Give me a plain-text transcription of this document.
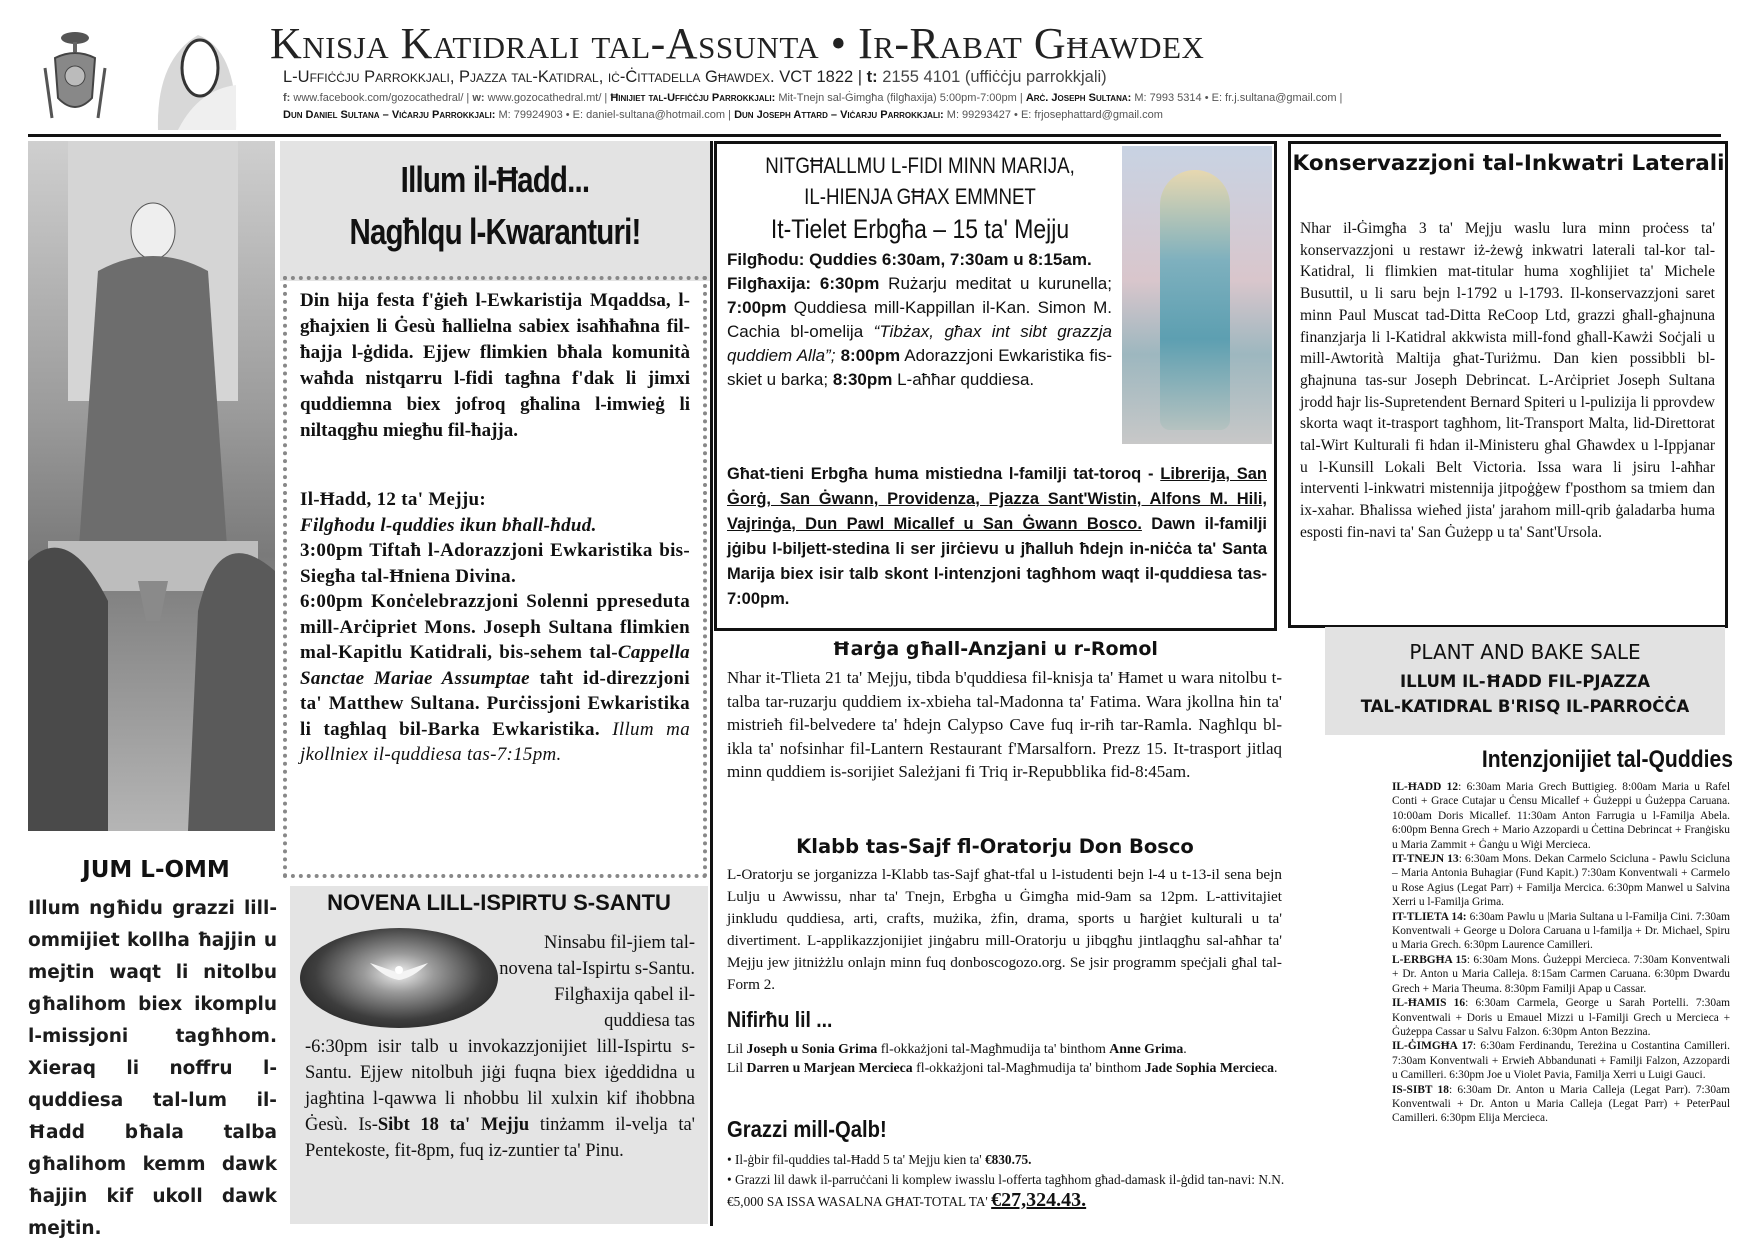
Knisja Katidrali tal-Assunta • Ir-Rabat Għawdex
L-Uffiċċju Parrokkjali, Pjazza tal-Katidral, iċ-Ċittadella Għawdex. VCT 1822 | t: 2155 4101 (uffiċċju parrokkjali)
f: www.facebook.com/gozocathedral/ | w: www.gozocathedral.mt/ | Ħinijiet tal-Uffiċċju Parrokkjali: Mit-Tnejn sal-Ġimgħa (filgħaxija) 5:00pm-7:00pm | Arċ. Joseph Sultana: M: 7993 5314 • E: fr.j.sultana@gmail.com |
Dun Daniel Sultana – Viċarju Parrokkjali: M: 79924903 • E: daniel-sultana@hotmail.com | Dun Joseph Attard – Viċarju Parrokkjali: M: 99293427 • E: frjosephattard@gmail.com
JUM L-OMM
Illum ngħidu grazzi lill-ommijiet kollha ħajjin u mejtin waqt li nitolbu għalihom biex ikomplu l-missjoni tagħhom. Xieraq li noffru l-quddiesa tal-lum il-Ħadd bħala talba għalihom kemm dawk ħajjin kif ukoll dawk mejtin.
Illum il-Ħadd...
Nagħlqu l-Kwaranturi!
Din hija festa f'ġieħ l-Ewkaristija Mqaddsa, l-għajxien li Ġesù ħallielna sabiex isaħħaħna fil-ħajja l-ġdida. Ejjew flimkien bħala komunità waħda nistqarru l-fidi tagħna f'dak li jimxi quddiemna biex jofroq għalina l-imwieġ li niltaqgħu miegħu fil-ħajja.
Il-Ħadd, 12 ta' Mejju:
Filgħodu l-quddies ikun bħall-ħdud.
3:00pm Tiftaħ l-Adorazzjoni Ewkaristika bis-Siegħa tal-Ħniena Divina.
6:00pm Konċelebrazzjoni Solenni ppreseduta mill-Arċipriet Mons. Joseph Sultana flimkien mal-Kapitlu Katidrali, bis-sehem tal-Cappella Sanctae Mariae Assumptae taħt id-direzzjoni ta' Matthew Sultana. Purċissjoni Ewkaristika li tagħlaq bil-Barka Ewkaristika. Illum ma jkollniex il-quddiesa tas-7:15pm.
NOVENA LILL-ISPIRTU S-SANTU
Ninsabu fil-jiem tal-novena tal-Ispirtu s-Santu. Filgħaxija qabel il-quddiesa tas
-6:30pm isir talb u invokazzjonijiet lill-Ispirtu s-Santu. Ejjew nitolbuh jiġi fuqna biex iġeddidna u jagħtina l-qawwa li nħobbu lil xulxin kif iħobbna Ġesù. Is-Sibt 18 ta' Mejju tinżamm il-velja ta' Pentekoste, fit-8pm, fuq iz-zuntier ta' Pinu.
NITGĦALLMU L-FIDI MINN MARIJA,
IL-HIENJA GĦAX EMMNET
It-Tielet Erbgħa – 15 ta' Mejju
Filgħodu: Quddies 6:30am, 7:30am u 8:15am.
Filgħaxija: 6:30pm Rużarju meditat u kurunella; 7:00pm Quddiesa mill-Kappillan il-Kan. Simon M. Cachia bl-omelija “Tibżax, għax int sibt grazzja quddiem Alla”; 8:00pm Adorazzjoni Ewkaristika fis-skiet u barka; 8:30pm L-aħħar quddiesa.
Għat-tieni Erbgħa huma mistiedna l-familji tat-toroq - Librerija, San Ġorġ, San Ġwann, Providenza, Pjazza Sant'Wistin, Alfons M. Hili, Vajrinġa, Dun Pawl Micallef u San Ġwann Bosco. Dawn il-familji jġibu l-biljett-stedina li ser jirċievu u jħalluh ħdejn in-niċċa ta' Santa Marija biex isir talb skont l-intenzjoni tagħhom waqt il-quddiesa tas-7:00pm.
Konservazzjoni tal-Inkwatri Laterali
Nhar il-Ġimgħa 3 ta' Mejju waslu lura minn proċess ta' konservazzjoni u restawr iż-żewġ inkwatri laterali tal-kor tal-Katidral, li flimkien mat-titular huma xogħlijiet ta' Michele Busuttil, u li saru bejn l-1792 u l-1793. Il-konservazzjoni saret minn Paul Muscat tad-Ditta ReCoop Ltd, grazzi għall-għajnuna finanzjarja li l-Katidral akkwista mill-fond għall-Kawżi Soċjali u mill-Awtorità Maltija għat-Turiżmu. Dan kien possibbli bl-għajnuna tas-sur Joseph Debrincat. L-Arċipriet Joseph Sultana jrodd ħajr lis-Supretendent Bernard Spiteri u l-pulizija li pprovdew skorta waqt it-trasport tagħhom, lit-Transport Malta, lid-Direttorat tal-Wirt Kulturali fi ħdan il-Ministeru għal Għawdex u l-Ippjanar u l-Kunsill Lokali Belt Victoria. Issa wara li jsiru l-aħħar interventi l-inkwatri mistennija jitpoġġew f'posthom sa tmiem dan ix-xahar. Bħalissa wieħed jista' jarahom mill-qrib ġaladarba huma esposti fin-navi ta' San Ġużepp u ta' Sant'Ursola.
PLANT AND BAKE SALE
ILLUM IL-ĦADD FIL-PJAZZA
TAL-KATIDRAL B'RISQ IL-PARROĊĊA
Intenzjonijiet tal-Quddies
IL-ĦADD 12: 6:30am Maria Grech Buttigieg. 8:00am Maria u Rafel Conti + Grace Cutajar u Ċensu Micallef + Ġużeppi u Ġużeppa Caruana. 10:00am Doris Micallef. 11:30am Anton Farrugia u l-Familja Abela. 6:00pm Benna Grech + Mario Azzopardi u Ċettina Debrincat + Franġisku u Maria Zammit + Ġanġu u Wiġi Mercieca.
IT-TNEJN 13: 6:30am Mons. Dekan Carmelo Scicluna - Pawlu Scicluna – Maria Antonia Buhagiar (Fund Kapit.) 7:30am Konventwali + Carmelo u Rose Agius (Legat Parr) + Familja Mercica. 6:30pm Manwel u Salvina Xerri u l-Familja Grima.
IT-TLIETA 14: 6:30am Pawlu u |Maria Sultana u l-Familja Cini. 7:30am Konventwali + George u Dolora Caruana u l-familja + Dr. Michael, Spiru u Maria Grech. 6:30pm Laurence Camilleri.
L-ERBGĦA 15: 6:30am Mons. Ġużeppi Mercieca. 7:30am Konventwali + Dr. Anton u Maria Calleja. 8:15am Carmen Caruana. 6:30pm Dwardu Grech + Maria Theuma. 8:30pm Familji Apap u Cassar.
IL-ĦAMIS 16: 6:30am Carmela, George u Sarah Portelli. 7:30am Konventwali + Doris u Emauel Mizzi u l-Familji Grech u Mercieca + Ġużeppa Cassar u Salvu Falzon. 6:30pm Anton Bezzina.
IL-ĠIMGĦA 17: 6:30am Ferdinandu, Tereżina u Costantina Camilleri. 7:30am Konventwali + Erwieħ Abbandunati + Familji Falzon, Azzopardi u Camilleri. 6:30pm Joe u Violet Pavia, Familja Xerri u Luigi Gauci.
IS-SIBT 18: 6:30am Dr. Anton u Maria Calleja (Legat Parr). 7:30am Konventwali + Dr. Anton u Maria Calleja (Legat Parr) + PeterPaul Camilleri. 6:30pm Elija Mercieca.
Ħarġa għall-Anzjani u r-Romol
Nhar it-Tlieta 21 ta' Mejju, tibda b'quddiesa fil-knisja ta' Ħamet u wara nitolbu t-talba tar-ruzarju quddiem ix-xbieha tal-Madonna ta' Fatima. Wara jkollna ħin ta' mistrieħ fil-belvedere ta' ħdejn Calypso Cave fuq ir-riħ tar-Ramla. Nagħlqu bl-ikla ta' nofsinhar fil-Lantern Restaurant f'Marsalforn. Prezz 15. It-trasport jitlaq minn quddiem is-sorijiet Sależjani fi Triq ir-Repubblika fid-8:45am.
Klabb tas-Sajf fl-Oratorju Don Bosco
L-Oratorju se jorganizza l-Klabb tas-Sajf għat-tfal u l-istudenti bejn l-4 u t-13-il sena bejn Lulju u Awwissu, nhar ta' Tnejn, Erbgħa u Ġimgħa mid-9am sa 12pm. L-attivitajiet jinkludu quddiesa, arti, crafts, mużika, żfin, drama, sports u ħarġiet kulturali u ta' divertiment. L-applikazzjonijiet jinġabru mill-Oratorju u jibqgħu jintlaqgħu sal-aħħar ta' Mejju jew jitniżżlu onlajn minn fuq donboscogozo.org. Se jsir programm speċjali għal tal-Form 2.
Nifirħu lil ...
Lil Joseph u Sonia Grima fl-okkażjoni tal-Magħmudija ta' binthom Anne Grima.
Lil Darren u Marjean Mercieca fl-okkażjoni tal-Magħmudija ta' binthom Jade Sophia Mercieca.
Grazzi mill-Qalb!
• Il-ġbir fil-quddies tal-Ħadd 5 ta' Mejju kien ta' €830.75.
• Grazzi lil dawk il-parruċċani li komplew iwasslu l-offerta tagħhom għad-damask il-ġdid tan-navi: N.N. €5,000 SA ISSA WASALNA GĦAT-TOTAL TA' €27,324.43.
